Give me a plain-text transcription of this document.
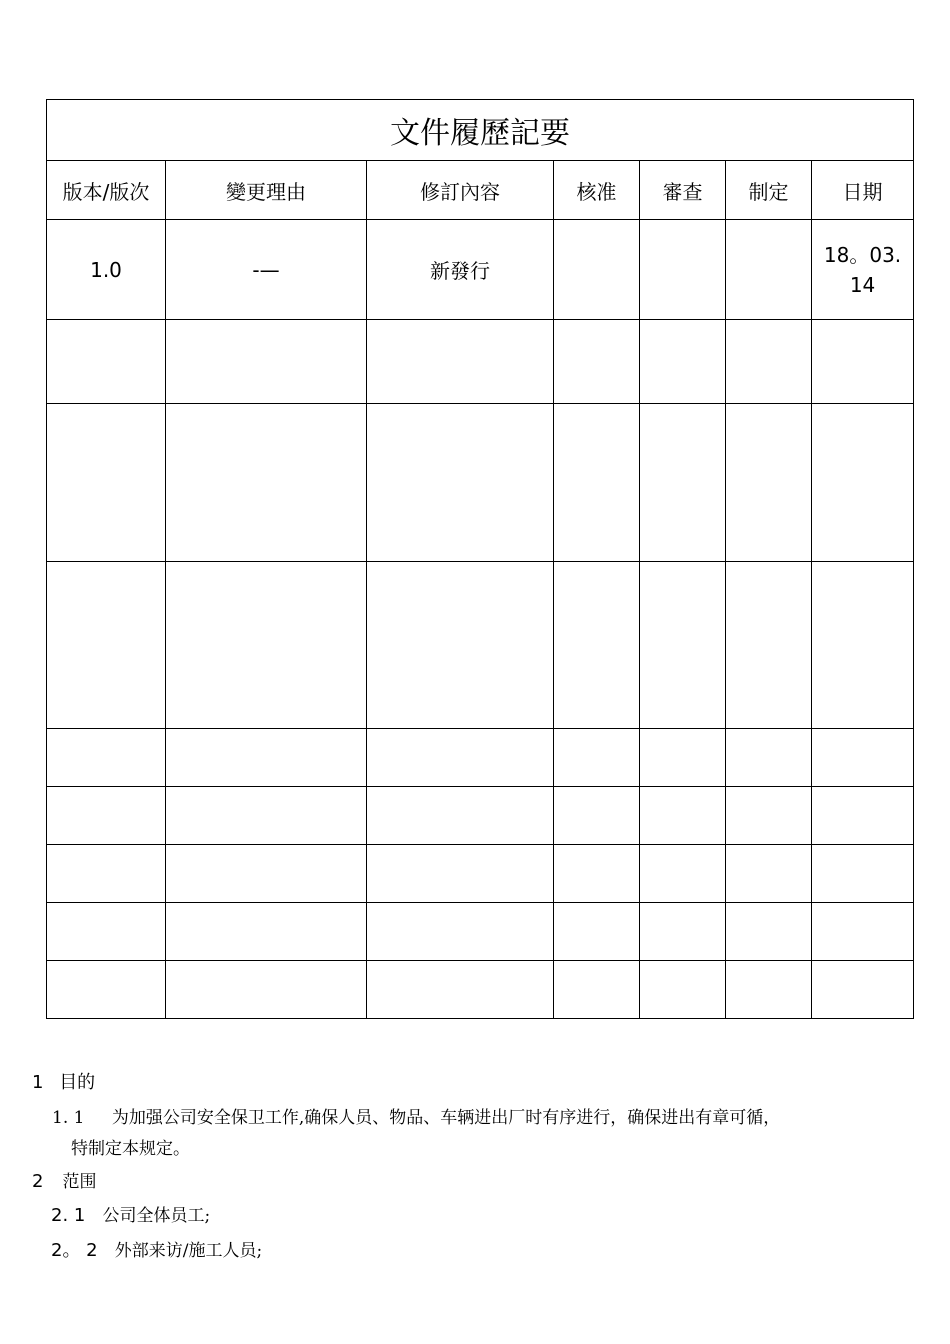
文件履歷記要						
版本/版次	變更理由	修訂內容	核准	審查	制定	日期
1.0	-—	新發行				18。03.
14

1 目的
1. 1 为加强公司安全保卫工作,确保人员、物品、车辆进出厂时有序进行，确保进出有章可循，
特制定本规定。
2 范围
2. 1 公司全体员工;
2。 2 外部来访/施工人员;
